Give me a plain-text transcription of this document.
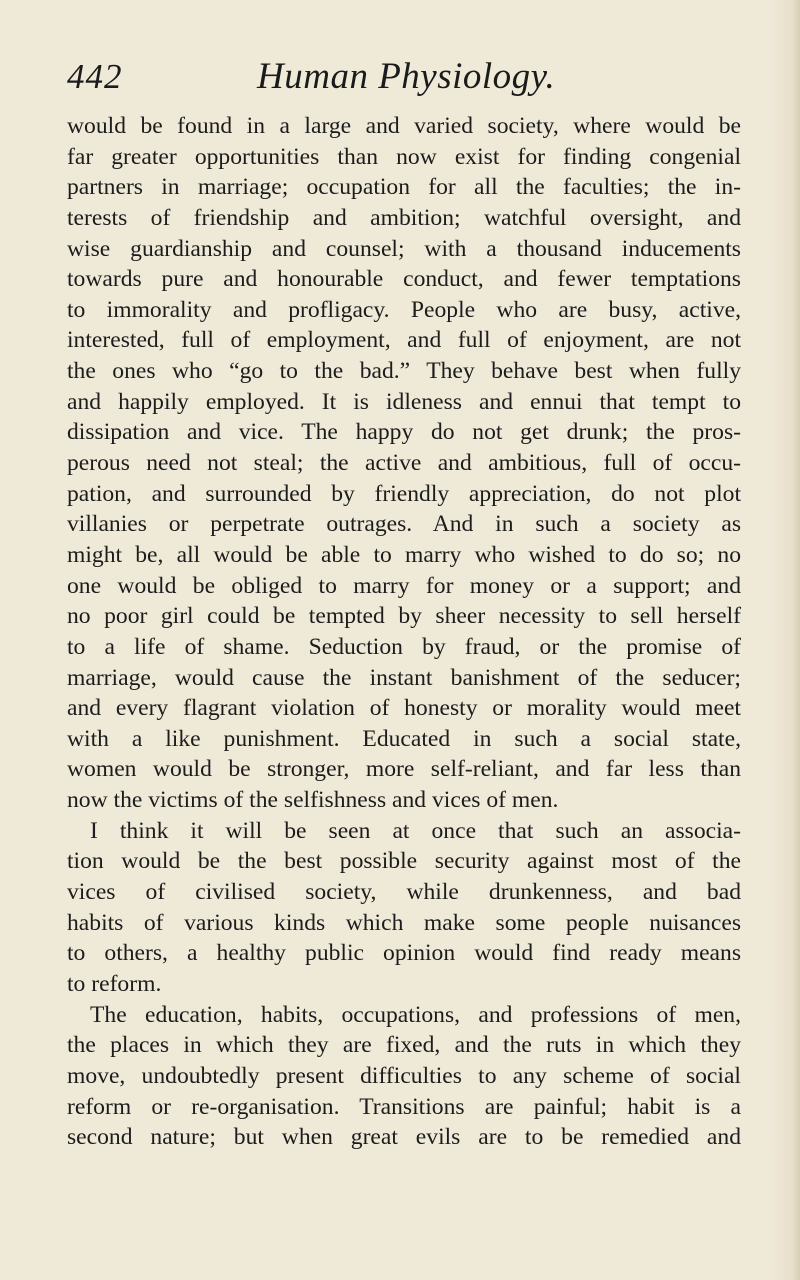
442	Human Physiology.
would be found in a large and varied society, where would be
far greater opportunities than now exist for finding congenial
partners in marriage; occupation for all the faculties; the in-
terests of friendship and ambition; watchful oversight, and
wise guardianship and counsel; with a thousand inducements
towards pure and honourable conduct, and fewer temptations
to immorality and profligacy. People who are busy, active,
interested, full of employment, and full of enjoyment, are not
the ones who “go to the bad.” They behave best when fully
and happily employed. It is idleness and ennui that tempt to
dissipation and vice. The happy do not get drunk; the pros-
perous need not steal; the active and ambitious, full of occu-
pation, and surrounded by friendly appreciation, do not plot
villanies or perpetrate outrages. And in such a society as
might be, all would be able to marry who wished to do so; no
one would be obliged to marry for money or a support; and
no poor girl could be tempted by sheer necessity to sell herself
to a life of shame. Seduction by fraud, or the promise of
marriage, would cause the instant banishment of the seducer;
and every flagrant violation of honesty or morality would meet
with a like punishment. Educated in such a social state,
women would be stronger, more self-reliant, and far less than
now the victims of the selfishness and vices of men.
I think it will be seen at once that such an associa-
tion would be the best possible security against most of the
vices of civilised society, while drunkenness, and bad
habits of various kinds which make some people nuisances
to others, a healthy public opinion would find ready means
to reform.
The education, habits, occupations, and professions of men,
the places in which they are fixed, and the ruts in which they
move, undoubtedly present difficulties to any scheme of social
reform or re-organisation. Transitions are painful; habit is a
second nature; but when great evils are to be remedied and
